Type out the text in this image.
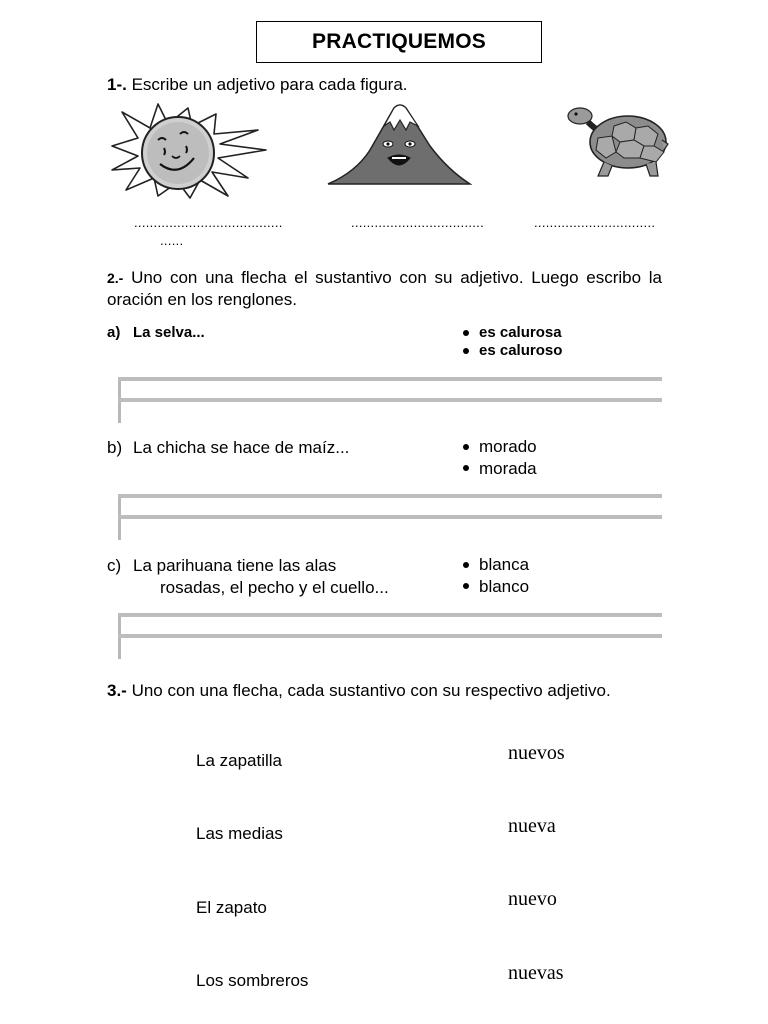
PRACTIQUEMOS
1-. Escribe un adjetivo para cada figura.
......................................
......
..................................	...............................
2.- Uno con una flecha el sustantivo con su adjetivo. Luego escribo la oración en los renglones.
a) La selva...	es calurosa
es caluroso
b) La chicha se hace de maíz...	morado
morada
c) La parihuana tiene las alas
rosadas, el pecho y el cuello...
blanca
blanco
3.- Uno con una flecha, cada sustantivo con su respectivo adjetivo.
La zapatilla
Las medias
El zapato
Los sombreros
nuevos
nueva
nuevo
nuevas
